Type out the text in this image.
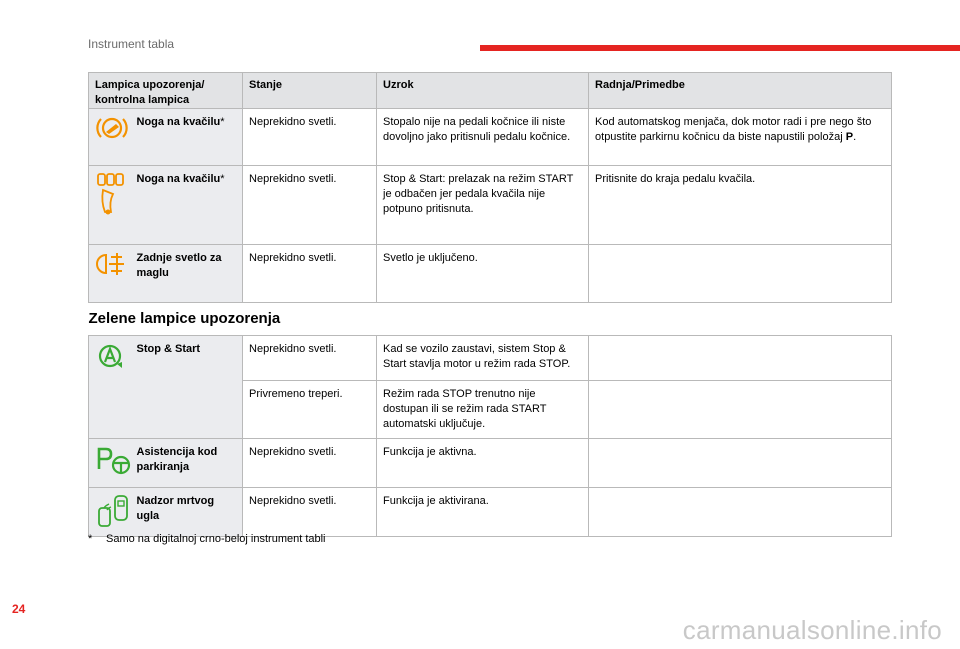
Instrument tabla
Lampica upozorenja/
kontrolna lampica		Stanje	Uzrok	Radnja/Primedbe
	Noga na kvačilu*	Neprekidno svetli.	Stopalo nije na pedali kočnice ili niste dovoljno jako pritisnuli pedalu kočnice.	Kod automatskog menjača, dok motor radi i pre nego što otpustite parkirnu kočnicu da biste napustili položaj P.
	Noga na kvačilu*	Neprekidno svetli.	Stop & Start: prelazak na režim START je odbačen jer pedala kvačila nije potpuno pritisnuta.	Pritisnite do kraja pedalu kvačila.
	Zadnje svetlo za maglu	Neprekidno svetli.	Svetlo je uključeno.	
Zelene lampice upozorenja				
	Stop & Start	Neprekidno svetli.	Kad se vozilo zaustavi, sistem Stop & Start stavlja motor u režim rada STOP.	
		Privremeno treperi.	Režim rada STOP trenutno nije dostupan ili se režim rada START automatski uključuje.	
	Asistencija kod parkiranja	Neprekidno svetli.	Funkcija je aktivna.	
	Nadzor mrtvog ugla	Neprekidno svetli.	Funkcija je aktivirana.	
* Samo na digitalnoj crno-beloj instrument tabli
24
carmanualsonline.info
